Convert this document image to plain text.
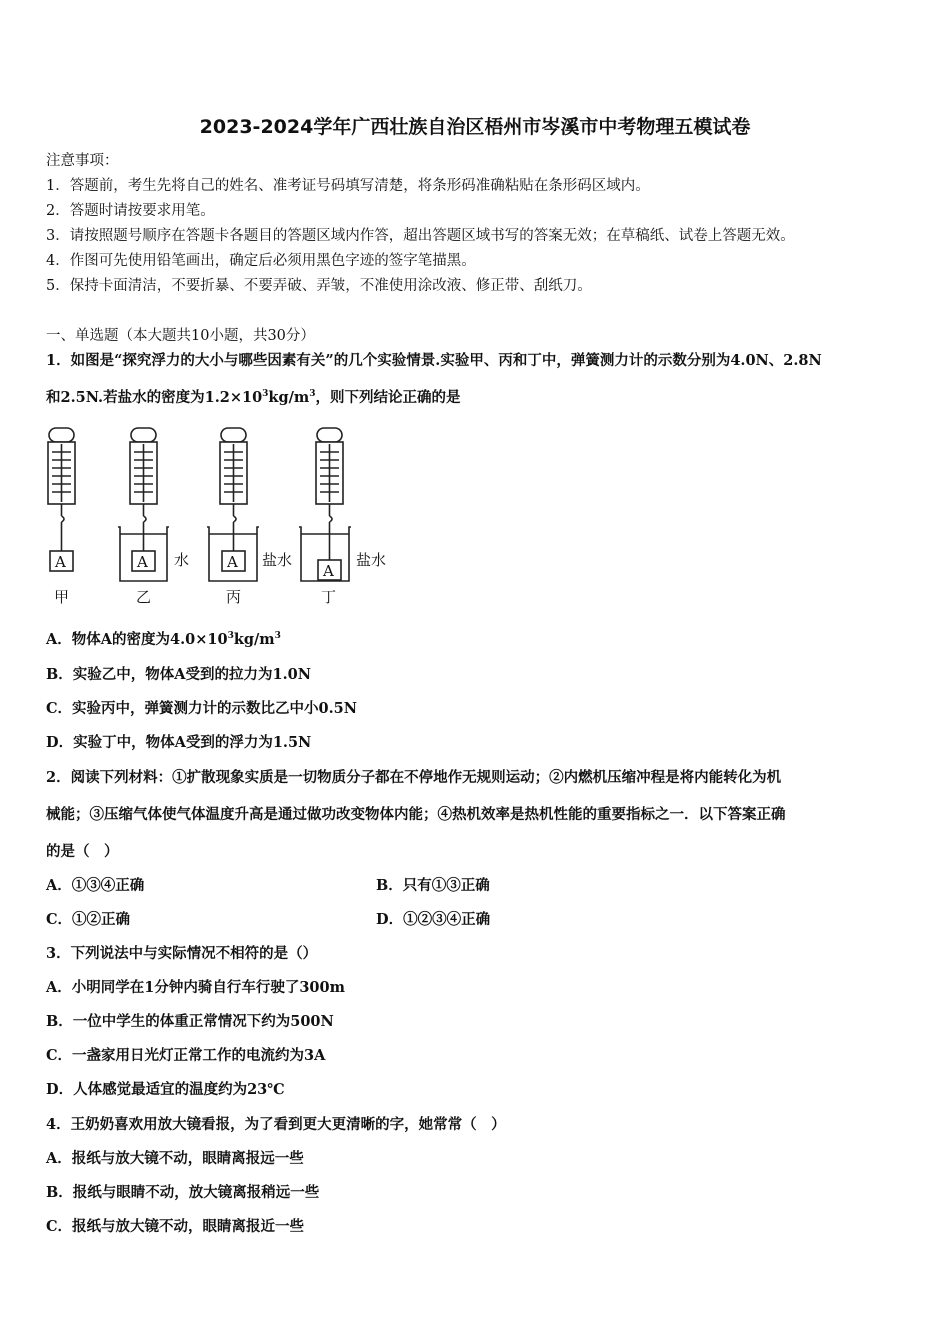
2023-2024学年广西壮族自治区梧州市岑溪市中考物理五模试卷
注意事项：
1．答题前，考生先将自己的姓名、准考证号码填写清楚，将条形码准确粘贴在条形码区域内。
2．答题时请按要求用笔。
3．请按照题号顺序在答题卡各题目的答题区域内作答，超出答题区域书写的答案无效；在草稿纸、试卷上答题无效。
4．作图可先使用铅笔画出，确定后必须用黑色字迹的签字笔描黑。
5．保持卡面清洁，不要折暴、不要弄破、弄皱，不准使用涂改液、修正带、刮纸刀。
一、单选题（本大题共10小题，共30分）
1．如图是“探究浮力的大小与哪些因素有关”的几个实验情景.实验甲、丙和丁中，弹簧测力计的示数分别为4.0N、2.8N
和2.5N.若盐水的密度为$1.2\times 10^3kg/m^3$，则下列结论正确的是
A	A	A	A
水	盐水	盐水
甲	乙	丙	丁
A．物体A的密度为$4.0\times 10^3kg/m^3$
B．实验乙中，物体A受到的拉力为1.0N
C．实验丙中，弹簧测力计的示数比乙中小0.5N
D．实验丁中，物体A受到的浮力为1.5N
2．阅读下列材料：①扩散现象实质是一切物质分子都在不停地作无规则运动；②内燃机压缩冲程是将内能转化为机
械能；③压缩气体使气体温度升高是通过做功改变物体内能；④热机效率是热机性能的重要指标之一．以下答案正确
的是（　）
A．①③④正确	B．只有①③正确
C．①②正确	D．①②③④正确
3．下列说法中与实际情况不相符的是（）
A．小明同学在1分钟内骑自行车行驶了300m
B．一位中学生的体重正常情况下约为500N
C．一盏家用日光灯正常工作的电流约为3A
D．人体感觉最适宜的温度约为23℃
4．王奶奶喜欢用放大镜看报，为了看到更大更清晰的字，她常常（　）
A．报纸与放大镜不动，眼睛离报远一些
B．报纸与眼睛不动，放大镜离报稍远一些
C．报纸与放大镜不动，眼睛离报近一些
